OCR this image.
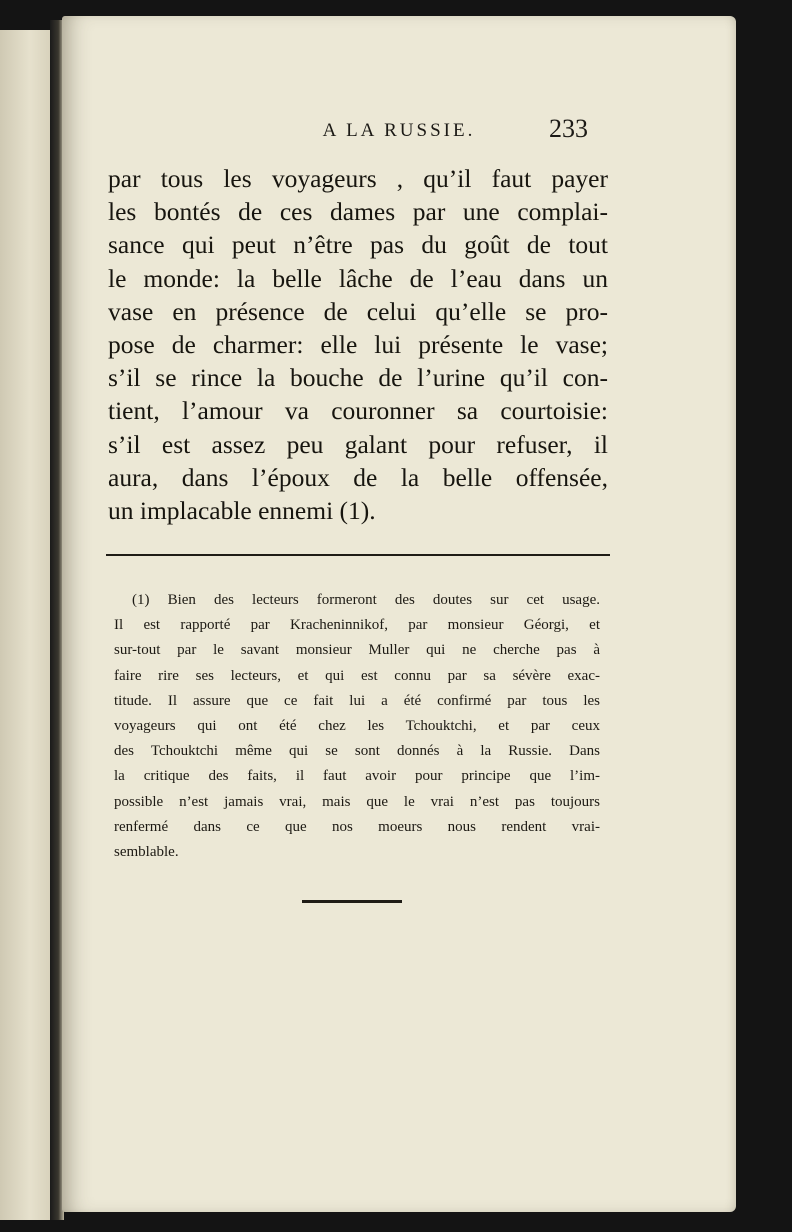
A LA RUSSIE.	233
par tous les voyageurs , qu’il faut payer
les bontés de ces dames par une complai-
sance qui peut n’être pas du goût de tout
le monde: la belle lâche de l’eau dans un
vase en présence de celui qu’elle se pro-
pose de charmer: elle lui présente le vase;
s’il se rince la bouche de l’urine qu’il con-
tient, l’amour va couronner sa courtoisie:
s’il est assez peu galant pour refuser, il
aura, dans l’époux de la belle offensée,
un implacable ennemi (1).
(1) Bien des lecteurs formeront des doutes sur cet usage.
Il est rapporté par Kracheninnikof, par monsieur Géorgi, et
sur-tout par le savant monsieur Muller qui ne cherche pas à
faire rire ses lecteurs, et qui est connu par sa sévère exac-
titude. Il assure que ce fait lui a été confirmé par tous les
voyageurs qui ont été chez les Tchouktchi, et par ceux
des Tchouktchi même qui se sont donnés à la Russie. Dans
la critique des faits, il faut avoir pour principe que l’im-
possible n’est jamais vrai, mais que le vrai n’est pas toujours
renfermé dans ce que nos moeurs nous rendent vrai-
semblable.
